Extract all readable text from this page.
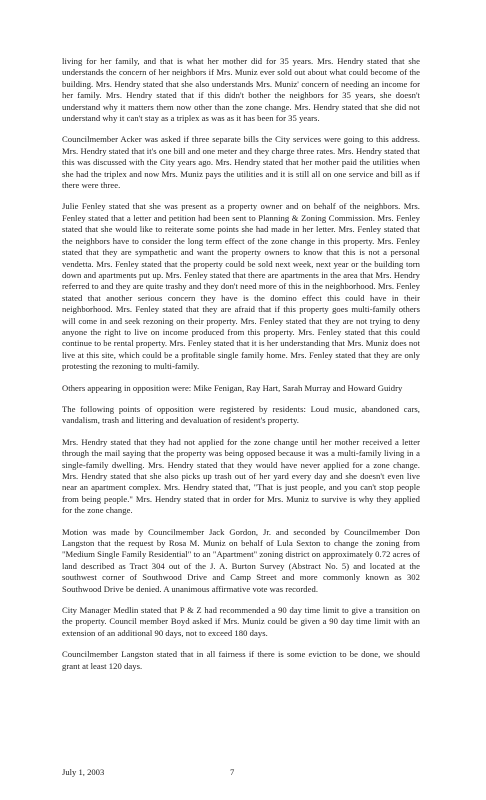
living for her family, and that is what her mother did for 35 years. Mrs. Hendry stated that she understands the concern of her neighbors if Mrs. Muniz ever sold out about what could become of the building. Mrs. Hendry stated that she also understands Mrs. Muniz' concern of needing an income for her family. Mrs. Hendry stated that if this didn't bother the neighbors for 35 years, she doesn't understand why it matters them now other than the zone change. Mrs. Hendry stated that she did not understand why it can't stay as a triplex as was as it has been for 35 years.

Councilmember Acker was asked if three separate bills the City services were going to this address. Mrs. Hendry stated that it's one bill and one meter and they charge three rates. Mrs. Hendry stated that this was discussed with the City years ago. Mrs. Hendry stated that her mother paid the utilities when she had the triplex and now Mrs. Muniz pays the utilities and it is still all on one service and bill as if there were three.

Julie Fenley stated that she was present as a property owner and on behalf of the neighbors. Mrs. Fenley stated that a letter and petition had been sent to Planning & Zoning Commission. Mrs. Fenley stated that she would like to reiterate some points she had made in her letter. Mrs. Fenley stated that the neighbors have to consider the long term effect of the zone change in this property. Mrs. Fenley stated that they are sympathetic and want the property owners to know that this is not a personal vendetta. Mrs. Fenley stated that the property could be sold next week, next year or the building torn down and apartments put up. Mrs. Fenley stated that there are apartments in the area that Mrs. Hendry referred to and they are quite trashy and they don't need more of this in the neighborhood. Mrs. Fenley stated that another serious concern they have is the domino effect this could have in their neighborhood. Mrs. Fenley stated that they are afraid that if this property goes multi-family others will come in and seek rezoning on their property. Mrs. Fenley stated that they are not trying to deny anyone the right to live on income produced from this property. Mrs. Fenley stated that this could continue to be rental property. Mrs. Fenley stated that it is her understanding that Mrs. Muniz does not live at this site, which could be a profitable single family home. Mrs. Fenley stated that they are only protesting the rezoning to multi-family.

Others appearing in opposition were: Mike Fenigan, Ray Hart, Sarah Murray and Howard Guidry

The following points of opposition were registered by residents: Loud music, abandoned cars, vandalism, trash and littering and devaluation of resident's property.

Mrs. Hendry stated that they had not applied for the zone change until her mother received a letter through the mail saying that the property was being opposed because it was a multi-family living in a single-family dwelling. Mrs. Hendry stated that they would have never applied for a zone change. Mrs. Hendry stated that she also picks up trash out of her yard every day and she doesn't even live near an apartment complex. Mrs. Hendry stated that, "That is just people, and you can't stop people from being people." Mrs. Hendry stated that in order for Mrs. Muniz to survive is why they applied for the zone change.

Motion was made by Councilmember Jack Gordon, Jr. and seconded by Councilmember Don Langston that the request by Rosa M. Muniz on behalf of Lula Sexton to change the zoning from "Medium Single Family Residential" to an "Apartment" zoning district on approximately 0.72 acres of land described as Tract 304 out of the J. A. Burton Survey (Abstract No. 5) and located at the southwest corner of Southwood Drive and Camp Street and more commonly known as 302 Southwood Drive be denied. A unanimous affirmative vote was recorded.

City Manager Medlin stated that P & Z had recommended a 90 day time limit to give a transition on the property. Council member Boyd asked if Mrs. Muniz could be given a 90 day time limit with an extension of an additional 90 days, not to exceed 180 days.

Councilmember Langston stated that in all fairness if there is some eviction to be done, we should grant at least 120 days.

July 1, 2003	7
